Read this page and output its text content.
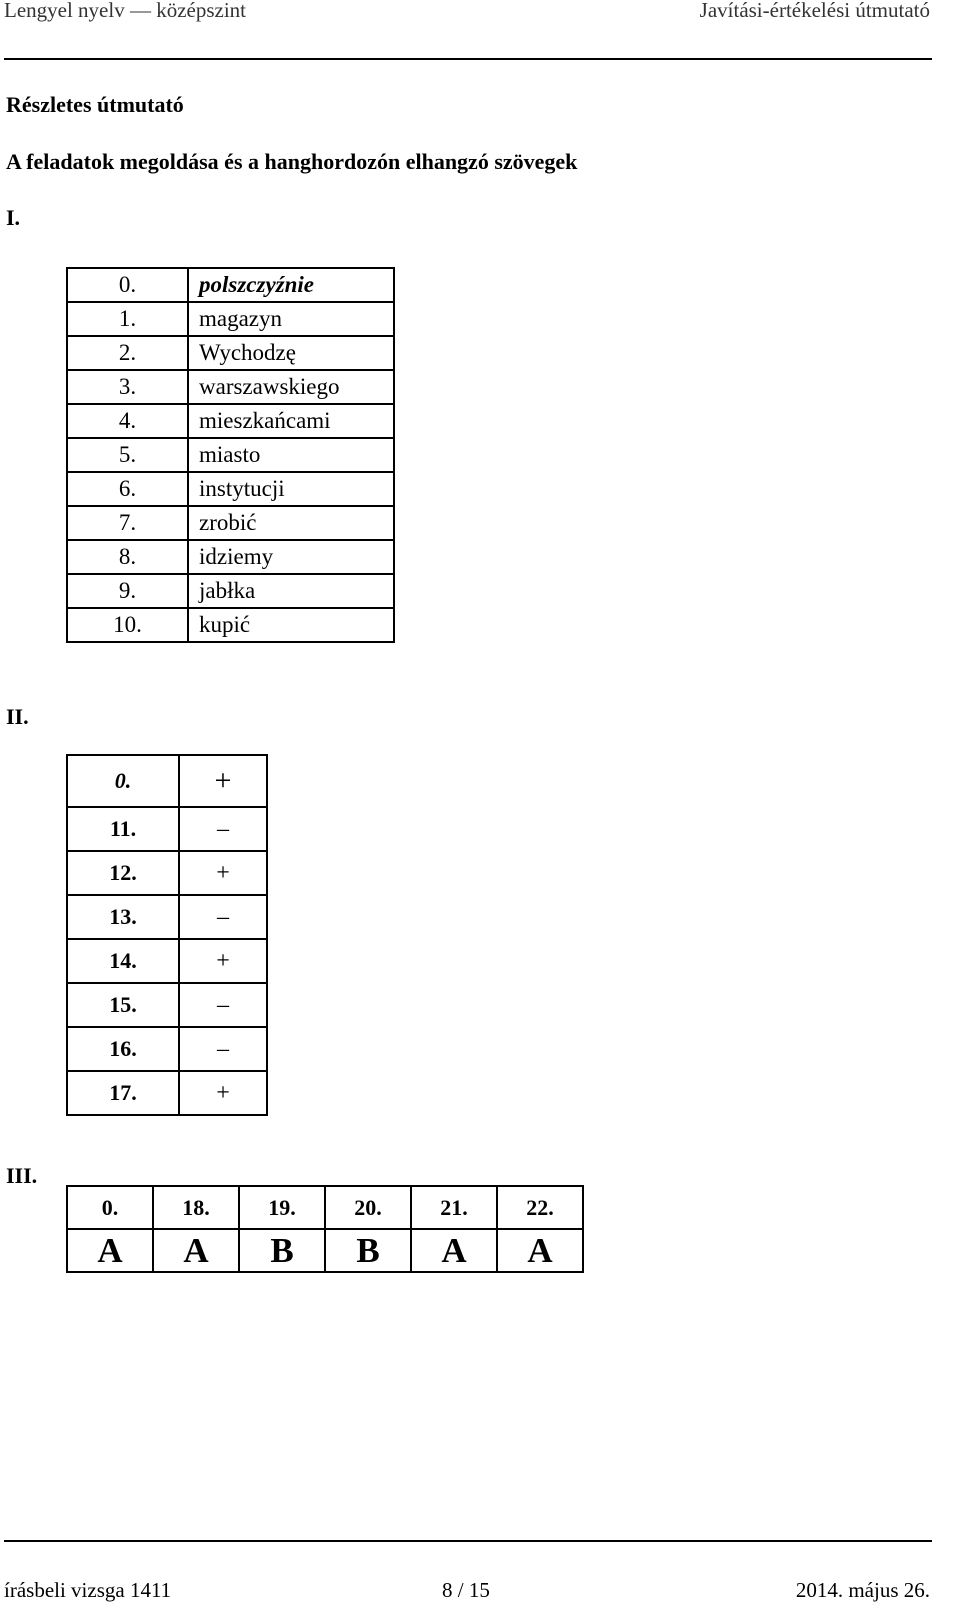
Lengyel nyelv — középszint	Javítási-értékelési útmutató
Részletes útmutató
A feladatok megoldása és a hanghordozón elhangzó szövegek
I.
0.	polszczyźnie
1.	magazyn
2.	Wychodzę
3.	warszawskiego
4.	mieszkańcami
5.	miasto
6.	instytucji
7.	zrobić
8.	idziemy
9.	jabłka
10.	kupić
II.
0.	+
11.	–
12.	+
13.	–
14.	+
15.	–
16.	–
17.	+
III.
0.	18.	19.	20.	21.	22.
A	A	B	B	A	A
írásbeli vizsga 1411	8 / 15	2014. május 26.
